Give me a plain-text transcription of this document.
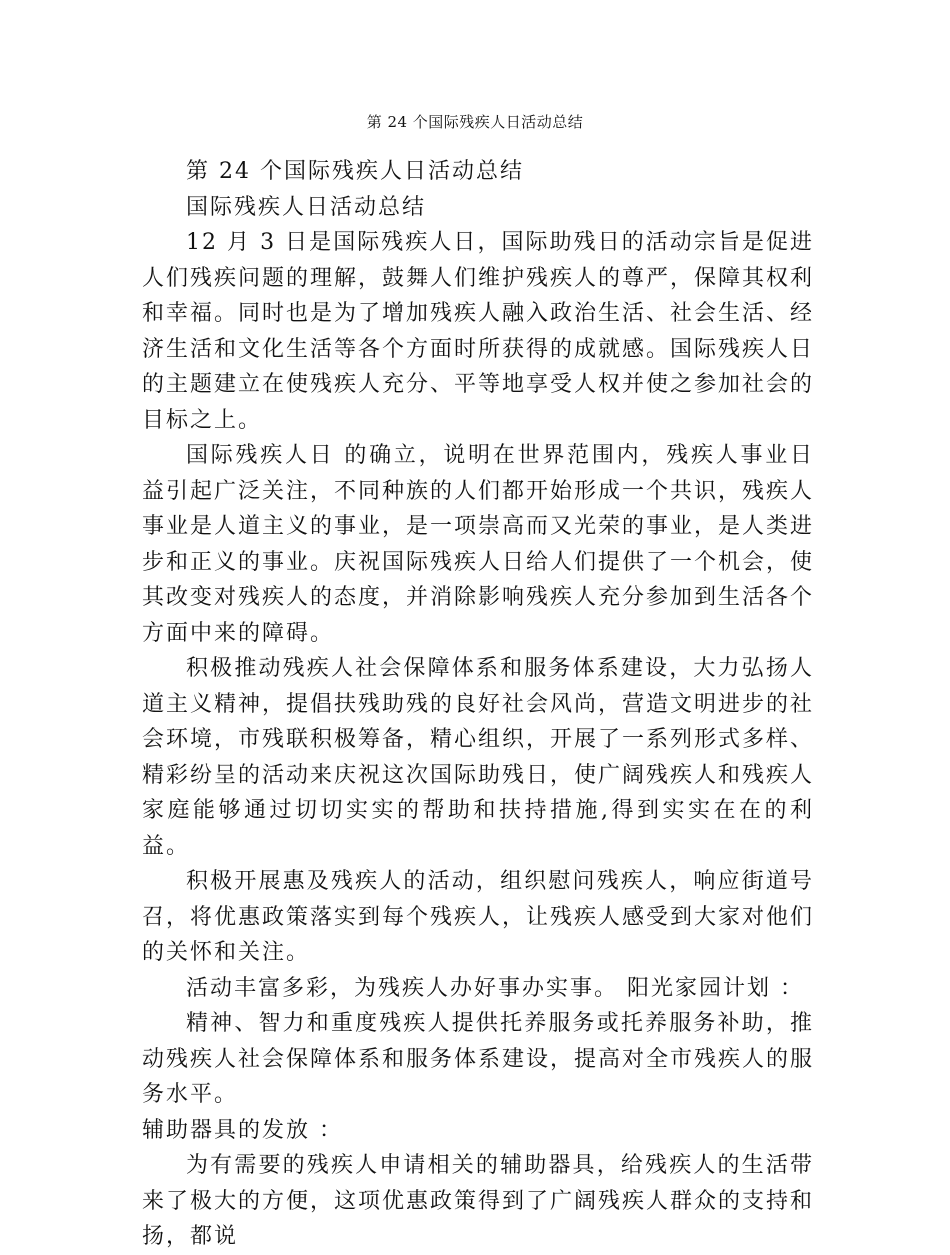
第 24 个国际残疾人日活动总结

第 24 个国际残疾人日活动总结

国际残疾人日活动总结

12 月 3 日是国际残疾人日，国际助残日的活动宗旨是促进人们残疾问题的理解，鼓舞人们维护残疾人的尊严，保障其权利和幸福。同时也是为了增加残疾人融入政治生活、社会生活、经济生活和文化生活等各个方面时所获得的成就感。国际残疾人日的主题建立在使残疾人充分、平等地享受人权并使之参加社会的目标之上。

国际残疾人日 的确立，说明在世界范围内，残疾人事业日益引起广泛关注，不同种族的人们都开始形成一个共识，残疾人事业是人道主义的事业，是一项崇高而又光荣的事业，是人类进步和正义的事业。庆祝国际残疾人日给人们提供了一个机会，使其改变对残疾人的态度，并消除影响残疾人充分参加到生活各个方面中来的障碍。

积极推动残疾人社会保障体系和服务体系建设，大力弘扬人道主义精神，提倡扶残助残的良好社会风尚，营造文明进步的社会环境，市残联积极筹备，精心组织，开展了一系列形式多样、精彩纷呈的活动来庆祝这次国际助残日，使广阔残疾人和残疾人家庭能够通过切切实实的帮助和扶持措施,得到实实在在的利益。

积极开展惠及残疾人的活动，组织慰问残疾人，响应街道号召，将优惠政策落实到每个残疾人，让残疾人感受到大家对他们的关怀和关注。

活动丰富多彩，为残疾人办好事办实事。 阳光家园计划 ：

精神、智力和重度残疾人提供托养服务或托养服务补助，推动残疾人社会保障体系和服务体系建设，提高对全市残疾人的服务水平。

辅助器具的发放 ：

为有需要的残疾人申请相关的辅助器具，给残疾人的生活带来了极大的方便，这项优惠政策得到了广阔残疾人群众的支持和扬，都说
